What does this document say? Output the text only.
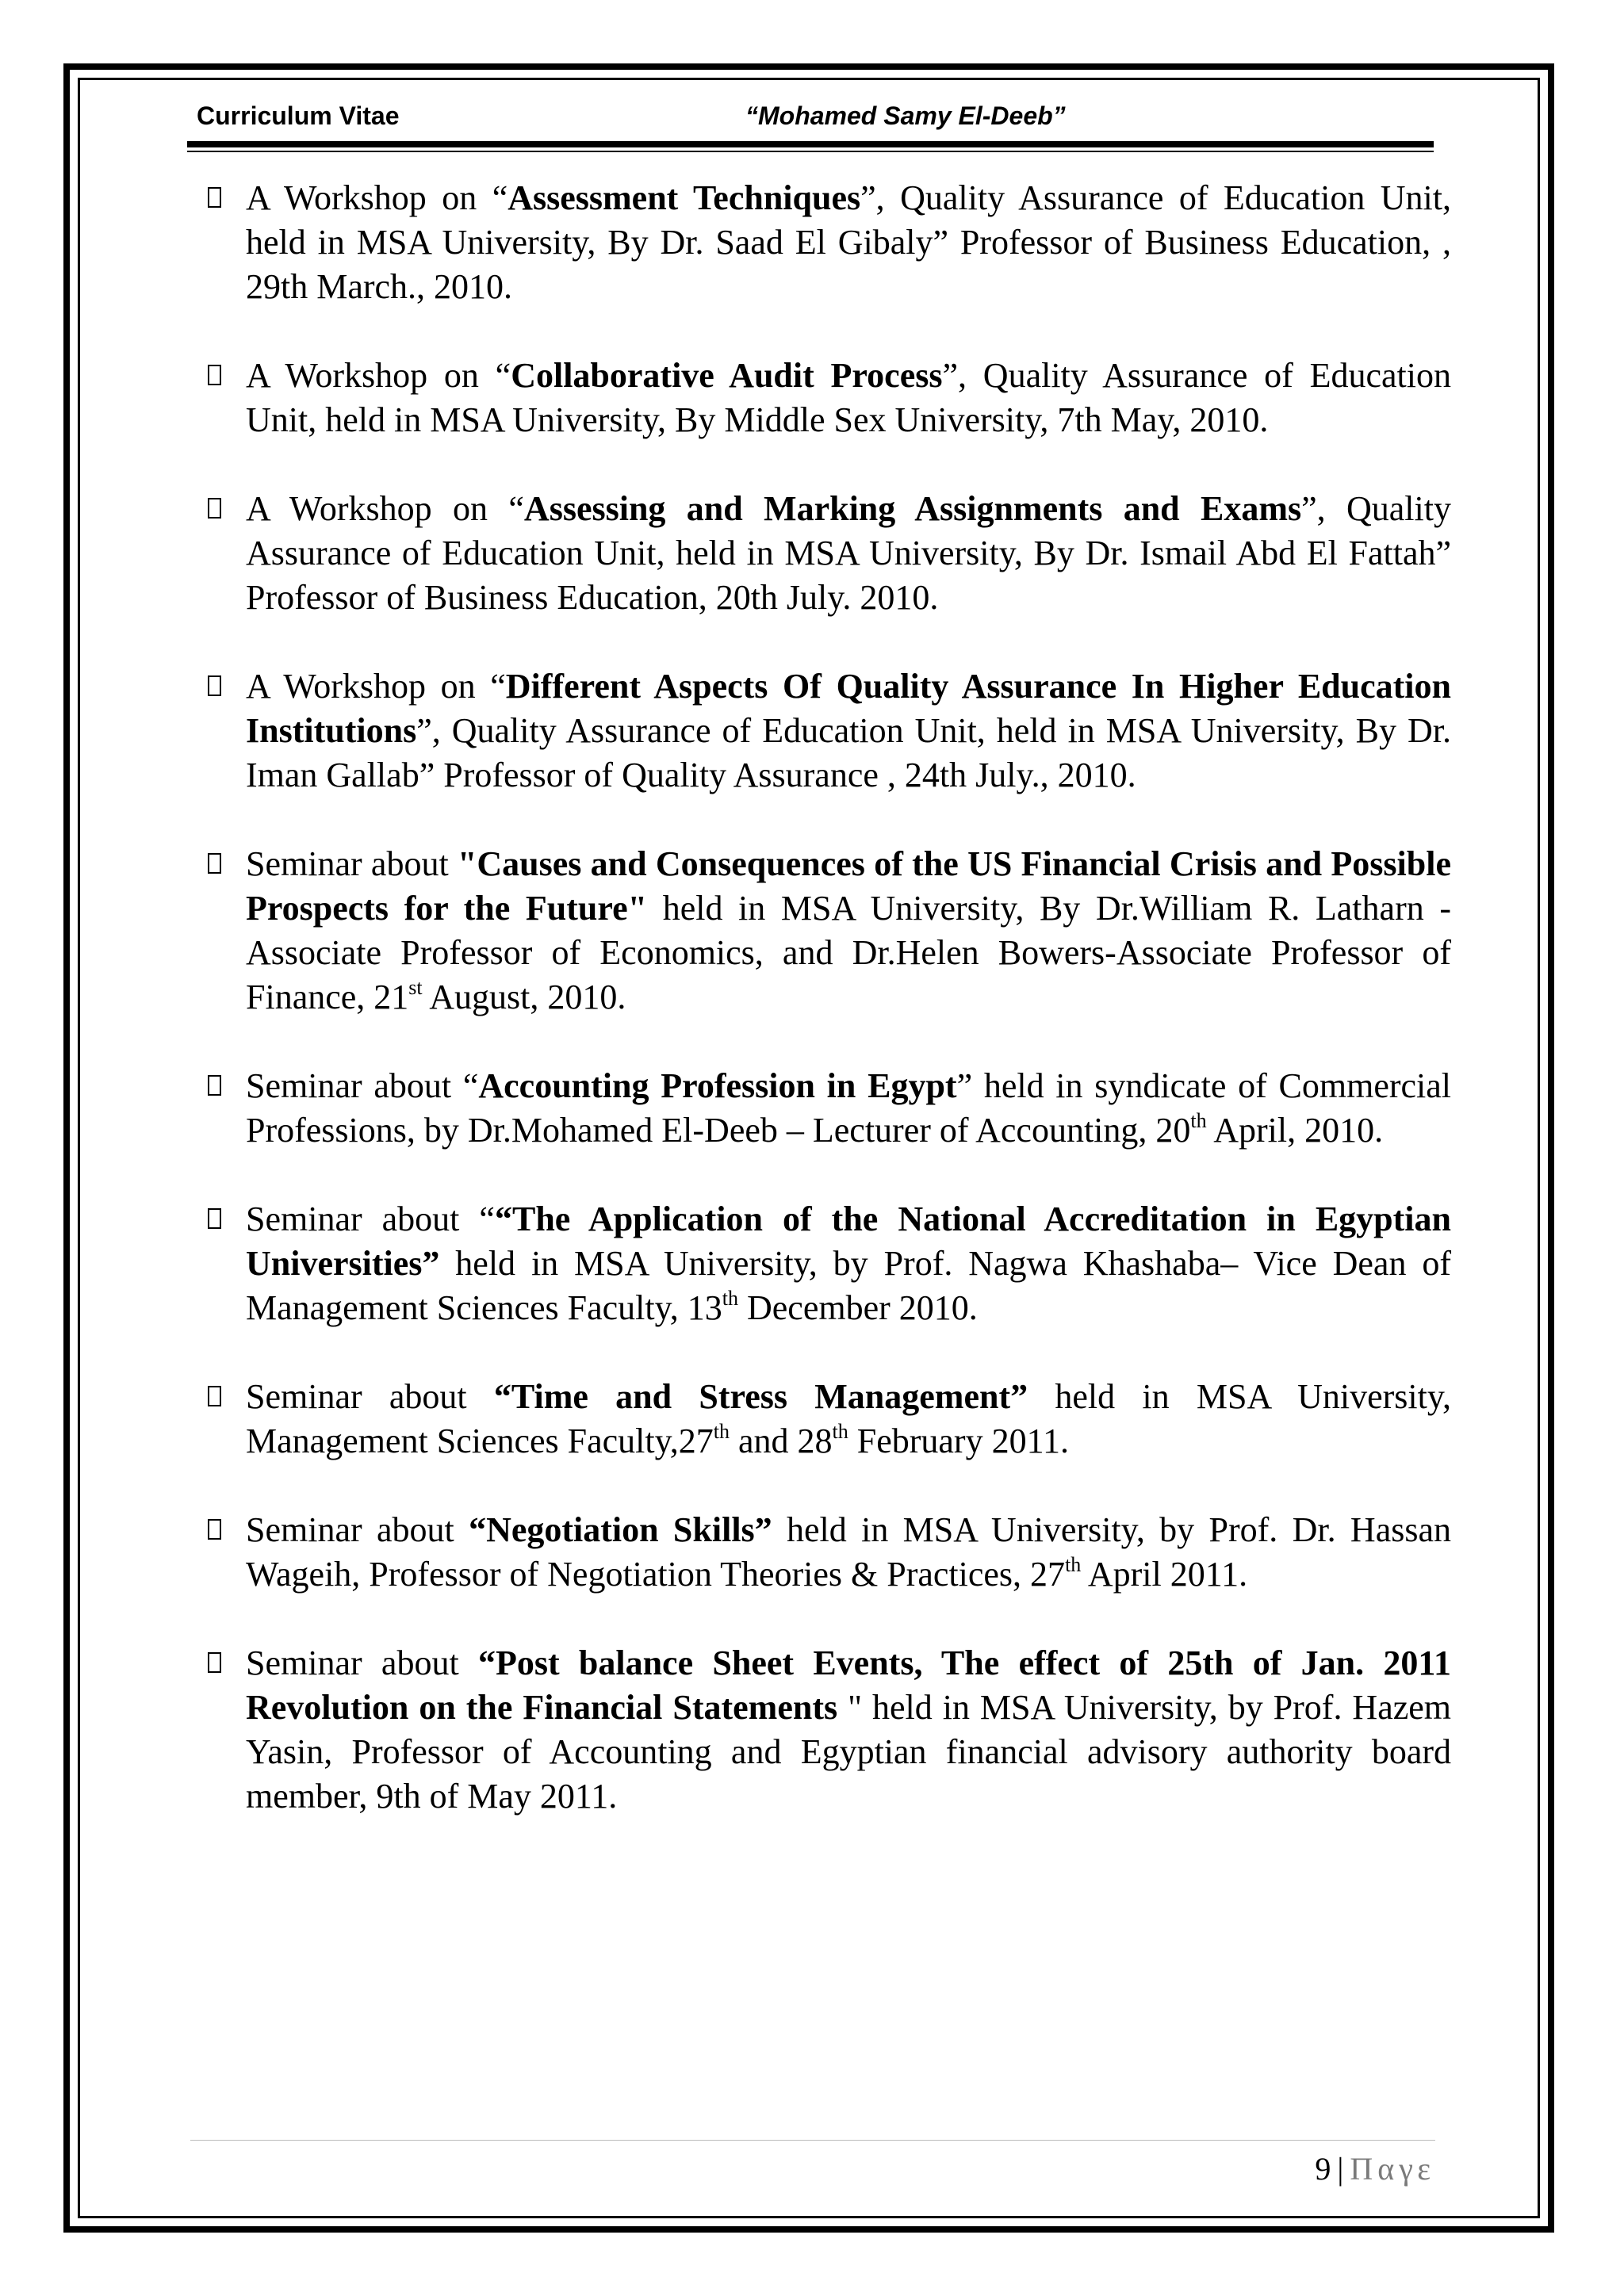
Curriculum Vitae	“Mohamed Samy El-Deeb”

A Workshop on “Assessment Techniques”, Quality Assurance of Education Unit, held in MSA University, By Dr. Saad El Gibaly” Professor of Business Education, , 29th March., 2010.

A Workshop on “Collaborative Audit Process”, Quality Assurance of Education Unit, held in MSA University, By Middle Sex University, 7th May, 2010.

A Workshop on “Assessing and Marking Assignments and Exams”, Quality Assurance of Education Unit, held in MSA University, By Dr. Ismail Abd El Fattah” Professor of Business Education, 20th July. 2010.

A Workshop on “Different Aspects Of Quality Assurance In Higher Education Institutions”, Quality Assurance of Education Unit, held in MSA University, By Dr. Iman Gallab” Professor of Quality Assurance , 24th July., 2010.

Seminar about "Causes and Consequences of the US Financial Crisis and Possible Prospects for the Future" held in MSA University, By Dr.William R. Latharn -Associate Professor of Economics, and Dr.Helen Bowers-Associate Professor of Finance, 21st August, 2010.

Seminar about “Accounting Profession in Egypt” held in syndicate of Commercial Professions, by Dr.Mohamed El-Deeb – Lecturer of Accounting, 20th April, 2010.

Seminar about ““The Application of the National Accreditation in Egyptian Universities” held in MSA University, by Prof. Nagwa Khashaba– Vice Dean of Management Sciences Faculty, 13th December 2010.

Seminar about “Time and Stress Management” held in MSA University, Management Sciences Faculty,27th and 28th February 2011.

Seminar about “Negotiation Skills” held in MSA University, by Prof. Dr. Hassan Wageih, Professor of Negotiation Theories & Practices, 27th April 2011.

Seminar about “Post balance Sheet Events, The effect of 25th of Jan. 2011 Revolution on the Financial Statements " held in MSA University, by Prof. Hazem Yasin, Professor of Accounting and Egyptian financial advisory authority board member, 9th of May 2011.

9 | Παγε
